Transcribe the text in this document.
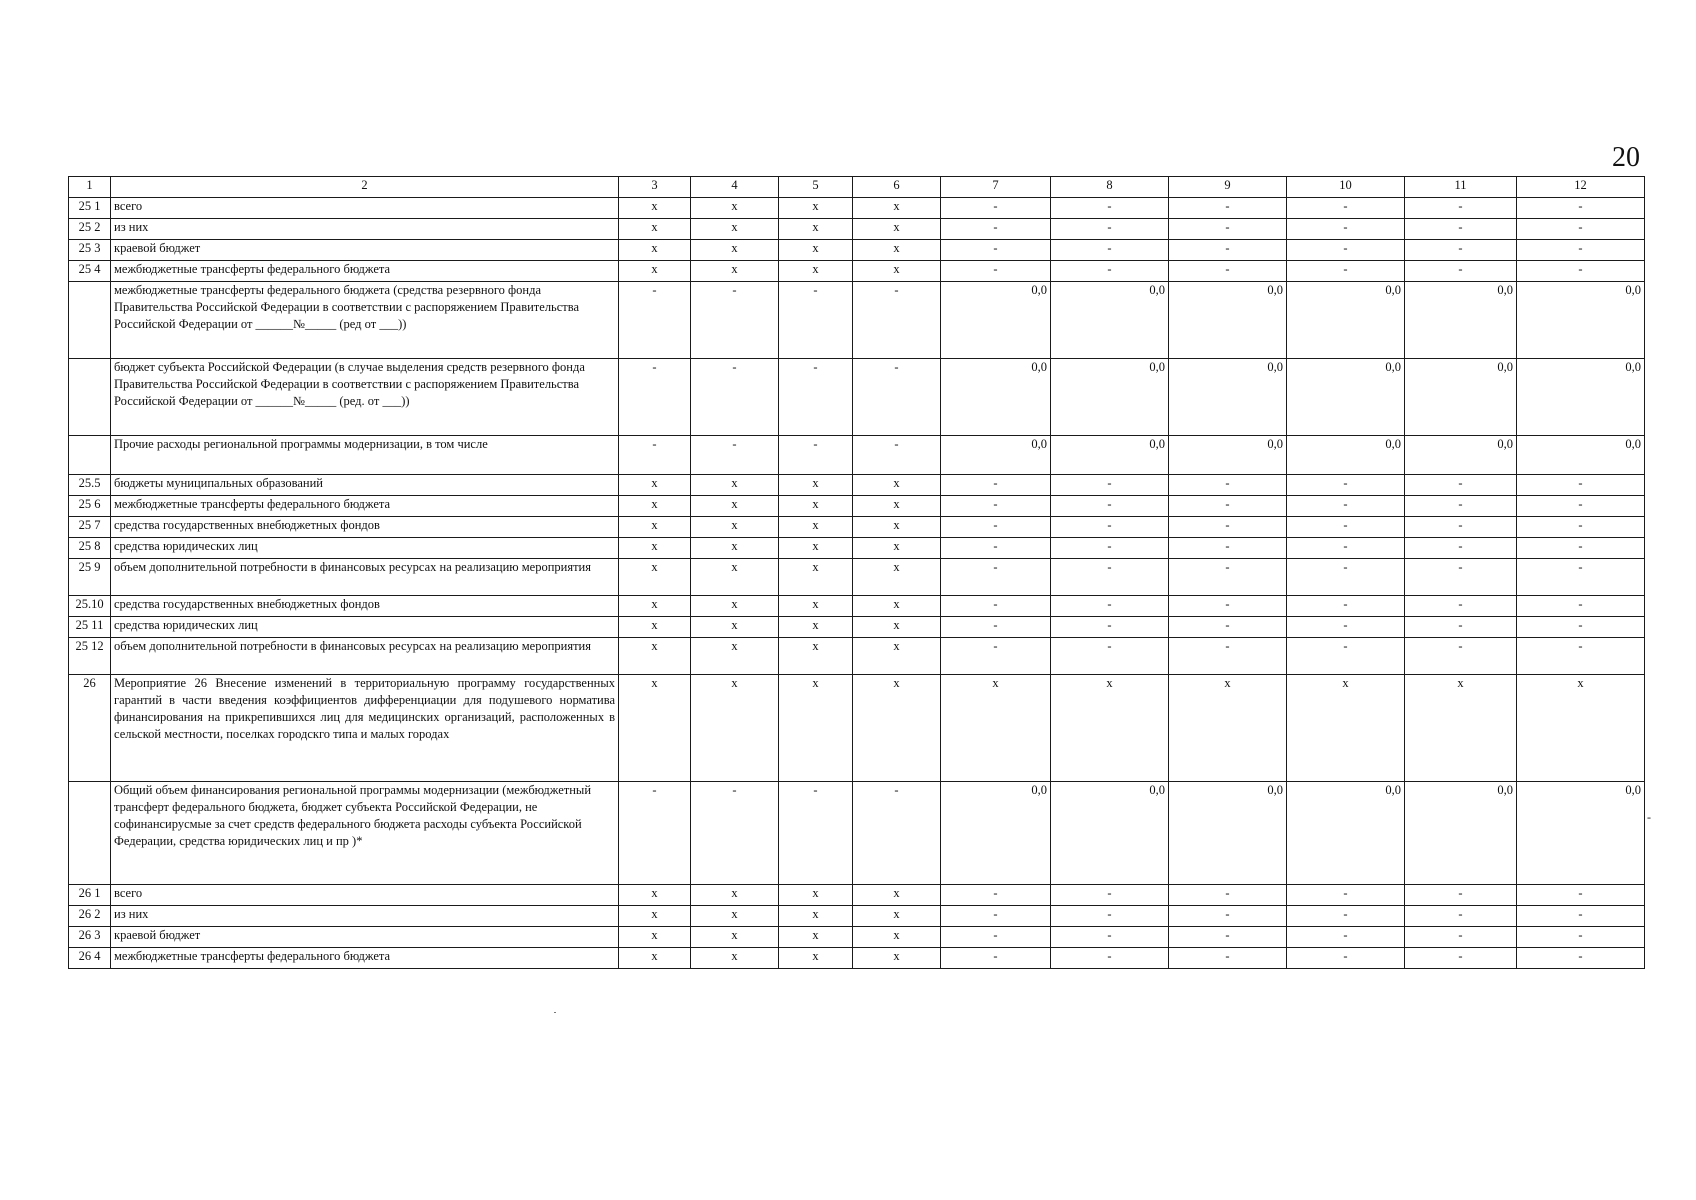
20
1	2	3	4	5	6	7	8	9	10	11	12
25 1	всего	x	x	x	x	-	-	-	-	-	-
25 2	из них	x	x	x	x	-	-	-	-	-	-
25 3	краевой бюджет	x	x	x	x	-	-	-	-	-	-
25 4	межбюджетные трансферты федерального бюджета	x	x	x	x	-	-	-	-	-	-
	межбюджетные трансферты федерального бюджета (средства резервного фонда Правительства Российской Федерации в соответствии с распоряжением Правительства Российской Федерации от ______№_____ (ред от ___))	-	-	-	-	0,0	0,0	0,0	0,0	0,0	0,0
	бюджет субъекта Российской Федерации (в случае выделения средств резервного фонда Правительства Российской Федерации в соответствии с распоряжением Правительства Российской Федерации от ______№_____ (ред. от ___))	-	-	-	-	0,0	0,0	0,0	0,0	0,0	0,0
	Прочие расходы региональной программы модернизации, в том числе	-	-	-	-	0,0	0,0	0,0	0,0	0,0	0,0
25.5	бюджеты муниципальных образований	x	x	x	x	-	-	-	-	-	-
25 6	межбюджетные трансферты федерального бюджета	x	x	x	x	-	-	-	-	-	-
25 7	средства государственных внебюджетных фондов	x	x	x	x	-	-	-	-	-	-
25 8	средства юридических лиц	x	x	x	x	-	-	-	-	-	-
25 9	объем дополнительной потребности в финансовых ресурсах на реализацию мероприятия	x	x	x	x	-	-	-	-	-	-
25.10	средства государственных внебюджетных фондов	x	x	x	x	-	-	-	-	-	-
25 11	средства юридических лиц	x	x	x	x	-	-	-	-	-	-
25 12	объем дополнительной потребности в финансовых ресурсах на реализацию мероприятия	x	x	x	x	-	-	-	-	-	-
26	Мероприятие 26 Внесение изменений в территориальную программу государственных гарантий в части введения коэффициентов дифференциации для подушевого норматива финансирования на прикрепившихся лиц для медицинских организаций, расположенных в сельской местности, поселках городскго типа и малых городах	x	x	x	x	x	x	x	x	x	x
	Общий объем финансирования региональной программы модернизации (межбюджетный трансферт федерального бюджета, бюджет субъекта Российской Федерации, не софинансирусмые за счет средств федерального бюджета расходы субъекта Российской Федерации, средства юридических лиц и пр )*	-	-	-	-	0,0	0,0	0,0	0,0	0,0	0,0
26 1	всего	x	x	x	x	-	-	-	-	-	-
26 2	из них	x	x	x	x	-	-	-	-	-	-
26 3	краевой бюджет	x	x	x	x	-	-	-	-	-	-
26 4	межбюджетные трансферты федерального бюджета	x	x	x	x	-	-	-	-	-	-
-
